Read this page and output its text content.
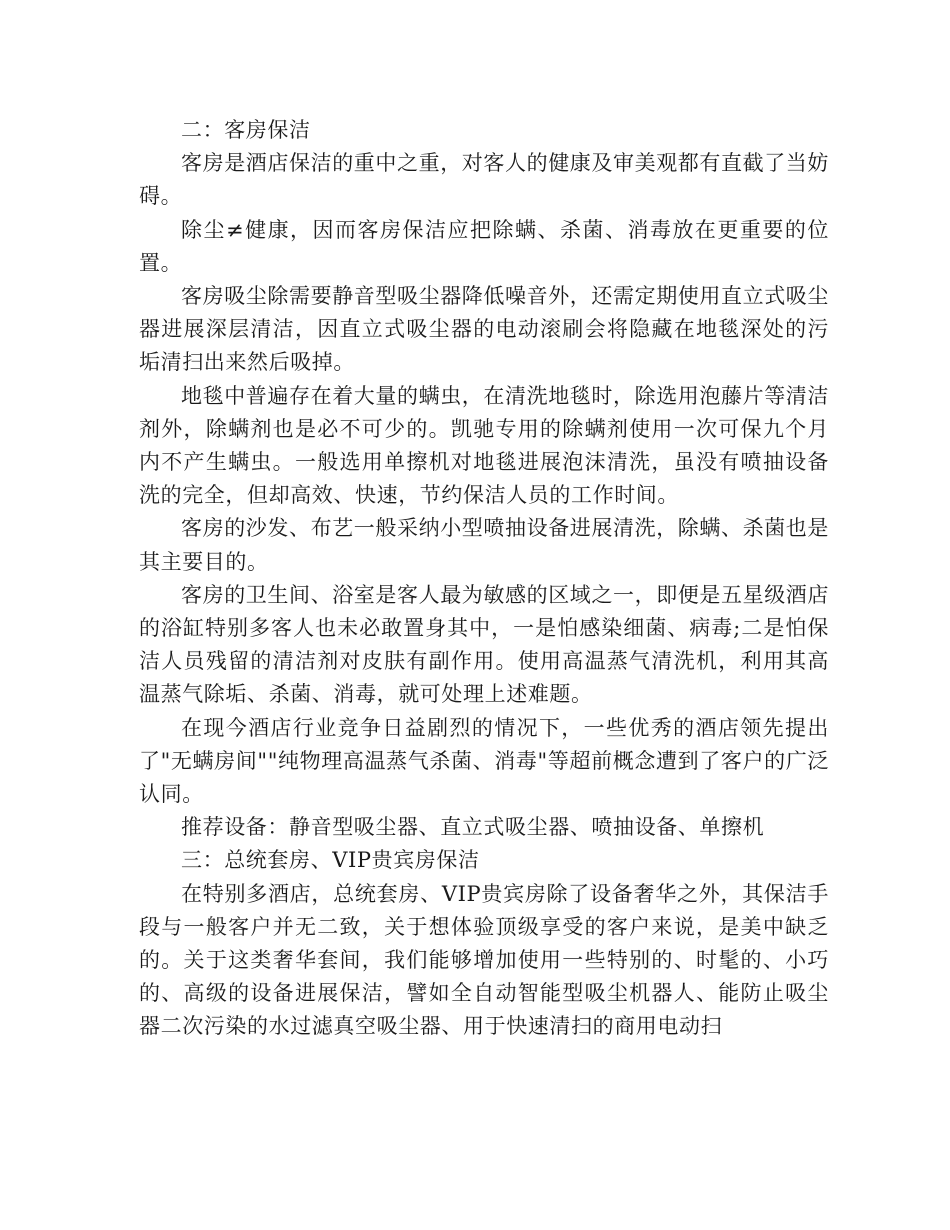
二：客房保洁

客房是酒店保洁的重中之重，对客人的健康及审美观都有直截了当妨碍。

除尘≠健康，因而客房保洁应把除螨、杀菌、消毒放在更重要的位置。

客房吸尘除需要静音型吸尘器降低噪音外，还需定期使用直立式吸尘器进展深层清洁，因直立式吸尘器的电动滚刷会将隐藏在地毯深处的污垢清扫出来然后吸掉。

地毯中普遍存在着大量的螨虫，在清洗地毯时，除选用泡藤片等清洁剂外，除螨剂也是必不可少的。凯驰专用的除螨剂使用一次可保九个月内不产生螨虫。一般选用单擦机对地毯进展泡沫清洗，虽没有喷抽设备洗的完全，但却高效、快速，节约保洁人员的工作时间。

客房的沙发、布艺一般采纳小型喷抽设备进展清洗，除螨、杀菌也是其主要目的。

客房的卫生间、浴室是客人最为敏感的区域之一，即便是五星级酒店的浴缸特别多客人也未必敢置身其中，一是怕感染细菌、病毒;二是怕保洁人员残留的清洁剂对皮肤有副作用。使用高温蒸气清洗机，利用其高温蒸气除垢、杀菌、消毒，就可处理上述难题。

在现今酒店行业竞争日益剧烈的情况下，一些优秀的酒店领先提出了"无螨房间""纯物理高温蒸气杀菌、消毒"等超前概念遭到了客户的广泛认同。

推荐设备：静音型吸尘器、直立式吸尘器、喷抽设备、单擦机

三：总统套房、VIP贵宾房保洁

在特别多酒店，总统套房、VIP贵宾房除了设备奢华之外，其保洁手段与一般客户并无二致，关于想体验顶级享受的客户来说，是美中缺乏的。关于这类奢华套间，我们能够增加使用一些特别的、时髦的、小巧的、高级的设备进展保洁，譬如全自动智能型吸尘机器人、能防止吸尘器二次污染的水过滤真空吸尘器、用于快速清扫的商用电动扫
